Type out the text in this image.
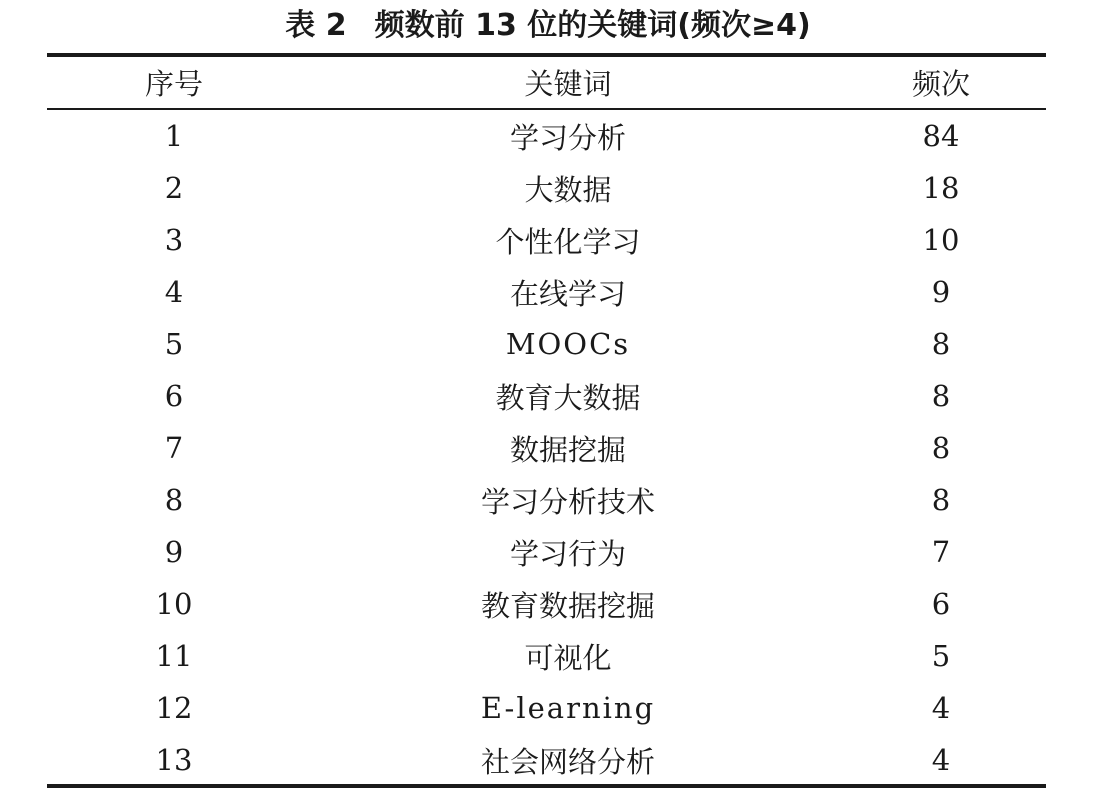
表 2 频数前 13 位的关键词(频次≥4)
序号	关键词	频次
1	学习分析	84
2	大数据	18
3	个性化学习	10
4	在线学习	9
5	MOOCs	8
6	教育大数据	8
7	数据挖掘	8
8	学习分析技术	8
9	学习行为	7
10	教育数据挖掘	6
11	可视化	5
12	E-learning	4
13	社会网络分析	4
